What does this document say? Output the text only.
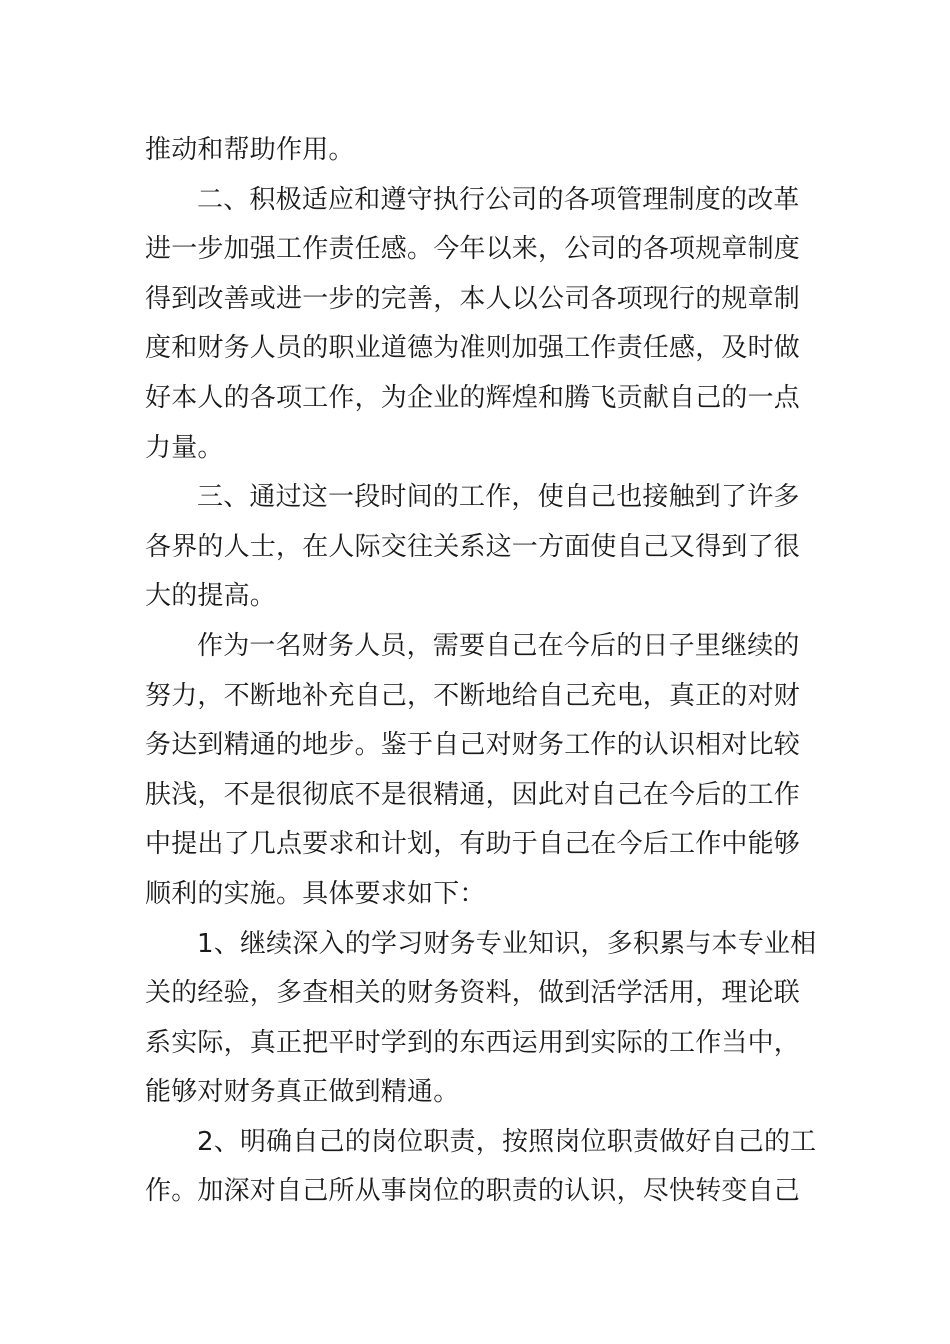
推动和帮助作用。

二、积极适应和遵守执行公司的各项管理制度的改革
进一步加强工作责任感。今年以来，公司的各项规章制度
得到改善或进一步的完善，本人以公司各项现行的规章制
度和财务人员的职业道德为准则加强工作责任感，及时做
好本人的各项工作，为企业的辉煌和腾飞贡献自己的一点
力量。

三、通过这一段时间的工作，使自己也接触到了许多
各界的人士，在人际交往关系这一方面使自己又得到了很
大的提高。

作为一名财务人员，需要自己在今后的日子里继续的
努力，不断地补充自己，不断地给自己充电，真正的对财
务达到精通的地步。鉴于自己对财务工作的认识相对比较
肤浅，不是很彻底不是很精通，因此对自己在今后的工作
中提出了几点要求和计划，有助于自己在今后工作中能够
顺利的实施。具体要求如下：

1、继续深入的学习财务专业知识，多积累与本专业相
关的经验，多查相关的财务资料，做到活学活用，理论联
系实际，真正把平时学到的东西运用到实际的工作当中，
能够对财务真正做到精通。

2、明确自己的岗位职责，按照岗位职责做好自己的工
作。加深对自己所从事岗位的职责的认识，尽快转变自己
